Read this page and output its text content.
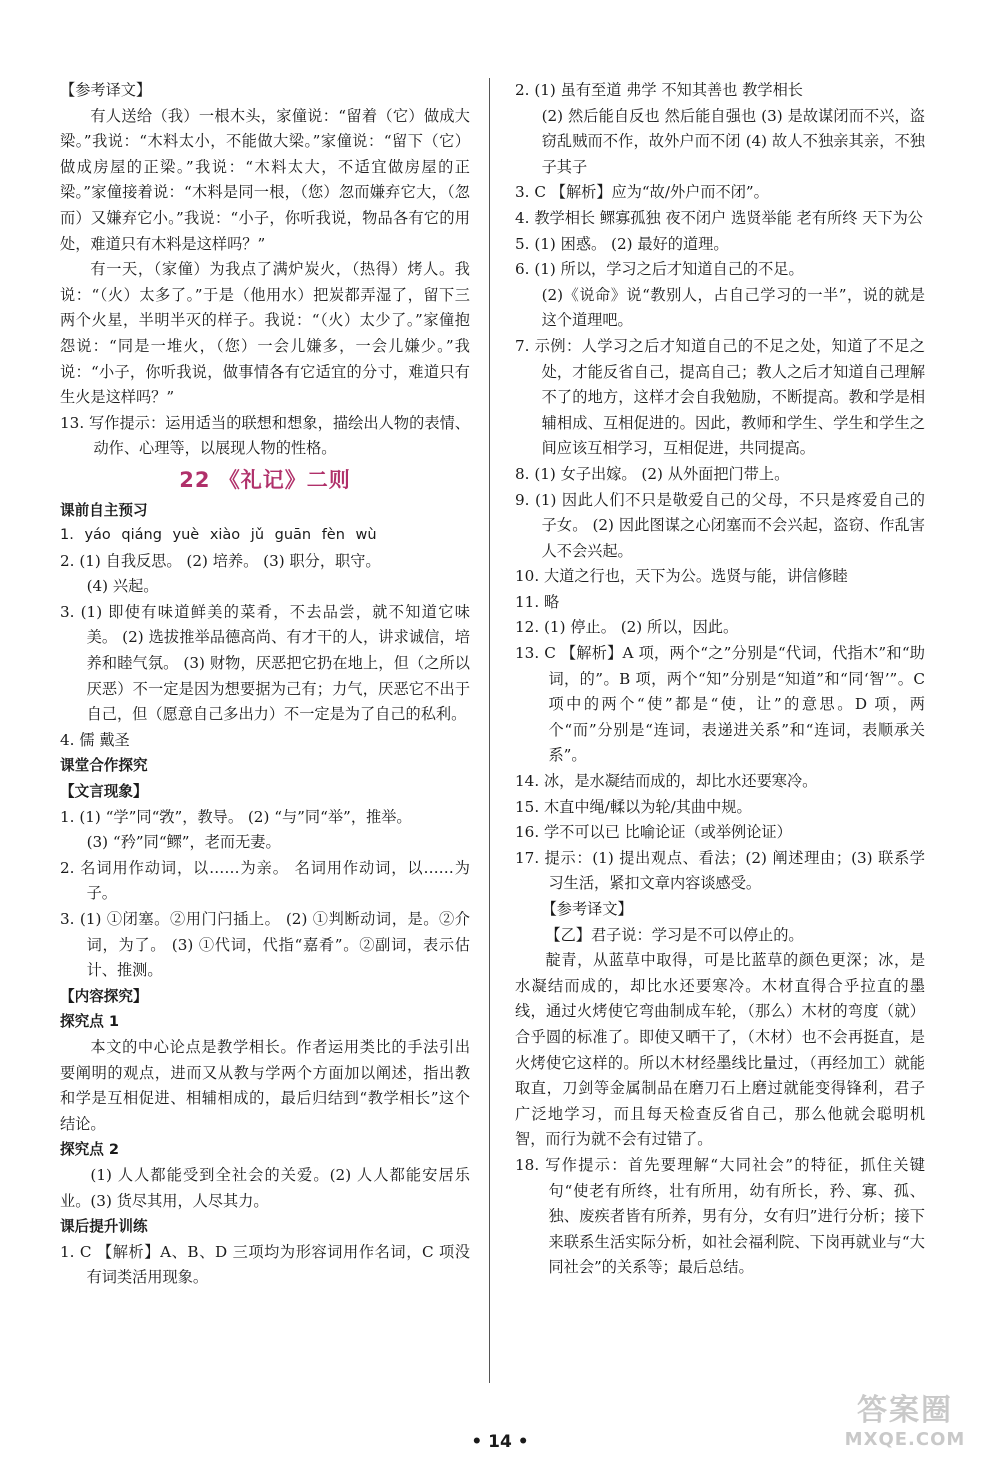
【参考译文】

有人送给（我）一根木头，家僮说：“留着（它）做成大梁。”我说：“木料太小，不能做大梁。”家僮说：“留下（它）做成房屋的正梁。”我说：“木料太大，不适宜做房屋的正梁。”家僮接着说：“木料是同一根，（您）忽而嫌弃它大，（忽而）又嫌弃它小。”我说：“小子，你听我说，物品各有它的用处，难道只有木料是这样吗？”

有一天，（家僮）为我点了满炉炭火，（热得）烤人。我说：“（火）太多了。”于是（他用水）把炭都弄湿了，留下三两个火星，半明半灭的样子。我说：“（火）太少了。”家僮抱怨说：“同是一堆火，（您）一会儿嫌多，一会儿嫌少。”我说：“小子，你听我说，做事情各有它适宜的分寸，难道只有生火是这样吗？”

13. 写作提示：运用适当的联想和想象，描绘出人物的表情、动作、心理等，以展现人物的性格。

22 《礼记》二则

课前自主预习

1. yáo qiáng yuè xiào jǔ guān fèn wù

2. (1) 自我反思。 (2) 培养。 (3) 职分，职守。

(4) 兴起。

3. (1) 即使有味道鲜美的菜肴，不去品尝，就不知道它味美。 (2) 选拔推举品德高尚、有才干的人，讲求诚信，培养和睦气氛。 (3) 财物，厌恶把它扔在地上，但（之所以厌恶）不一定是因为想要据为己有；力气，厌恶它不出于自己，但（愿意自己多出力）不一定是为了自己的私利。

4. 儒 戴圣

课堂合作探究

【文言现象】

1. (1) “学”同“敩”，教导。 (2) “与”同“举”，推举。

(3) “矜”同“鳏”，老而无妻。

2. 名词用作动词，以……为亲。 名词用作动词，以……为子。

3. (1) ①闭塞。②用门闩插上。 (2) ①判断动词，是。②介词，为了。 (3) ①代词，代指“嘉肴”。②副词，表示估计、推测。

【内容探究】

探究点 1

本文的中心论点是教学相长。作者运用类比的手法引出要阐明的观点，进而又从教与学两个方面加以阐述，指出教和学是互相促进、相辅相成的，最后归结到“教学相长”这个结论。

探究点 2

(1) 人人都能受到全社会的关爱。(2) 人人都能安居乐业。(3) 货尽其用，人尽其力。

课后提升训练

1. C 【解析】A、B、D 三项均为形容词用作名词，C 项没有词类活用现象。

2. (1) 虽有至道 弗学 不知其善也 教学相长

(2) 然后能自反也 然后能自强也 (3) 是故谋闭而不兴，盗窃乱贼而不作，故外户而不闭 (4) 故人不独亲其亲，不独子其子

3. C 【解析】应为“故/外户而不闭”。

4. 教学相长 鳏寡孤独 夜不闭户 选贤举能 老有所终 天下为公

5. (1) 困惑。 (2) 最好的道理。

6. (1) 所以，学习之后才知道自己的不足。

(2)《说命》说“教别人，占自己学习的一半”，说的就是这个道理吧。

7. 示例：人学习之后才知道自己的不足之处，知道了不足之处，才能反省自己，提高自己；教人之后才知道自己理解不了的地方，这样才会自我勉励，不断提高。教和学是相辅相成、互相促进的。因此，教师和学生、学生和学生之间应该互相学习，互相促进，共同提高。

8. (1) 女子出嫁。 (2) 从外面把门带上。

9. (1) 因此人们不只是敬爱自己的父母，不只是疼爱自己的子女。 (2) 因此图谋之心闭塞而不会兴起，盗窃、作乱害人不会兴起。

10. 大道之行也，天下为公。选贤与能，讲信修睦

11. 略

12. (1) 停止。 (2) 所以，因此。

13. C 【解析】A 项，两个“之”分别是“代词，代指木”和“助词，的”。B 项，两个“知”分别是“知道”和“同‘智’”。C 项中的两个“使”都是“使，让”的意思。D 项，两个“而”分别是“连词，表递进关系”和“连词，表顺承关系”。

14. 冰，是水凝结而成的，却比水还要寒冷。

15. 木直中绳/輮以为轮/其曲中规。

16. 学不可以已 比喻论证（或举例论证）

17. 提示：(1) 提出观点、看法；(2) 阐述理由；(3) 联系学习生活，紧扣文章内容谈感受。

【参考译文】

【乙】君子说：学习是不可以停止的。

靛青，从蓝草中取得，可是比蓝草的颜色更深；冰，是水凝结而成的，却比水还要寒冷。木材直得合乎拉直的墨线，通过火烤使它弯曲制成车轮，（那么）木材的弯度（就）合乎圆的标准了。即使又晒干了，（木材）也不会再挺直，是火烤使它这样的。所以木材经墨线比量过，（再经加工）就能取直，刀剑等金属制品在磨刀石上磨过就能变得锋利，君子广泛地学习，而且每天检查反省自己，那么他就会聪明机智，而行为就不会有过错了。

18. 写作提示：首先要理解“大同社会”的特征，抓住关键句“使老有所终，壮有所用，幼有所长，矜、寡、孤、独、废疾者皆有所养，男有分，女有归”进行分析；接下来联系生活实际分析，如社会福利院、下岗再就业与“大同社会”的关系等；最后总结。

• 14 •
答案圈
MXQE.COM
